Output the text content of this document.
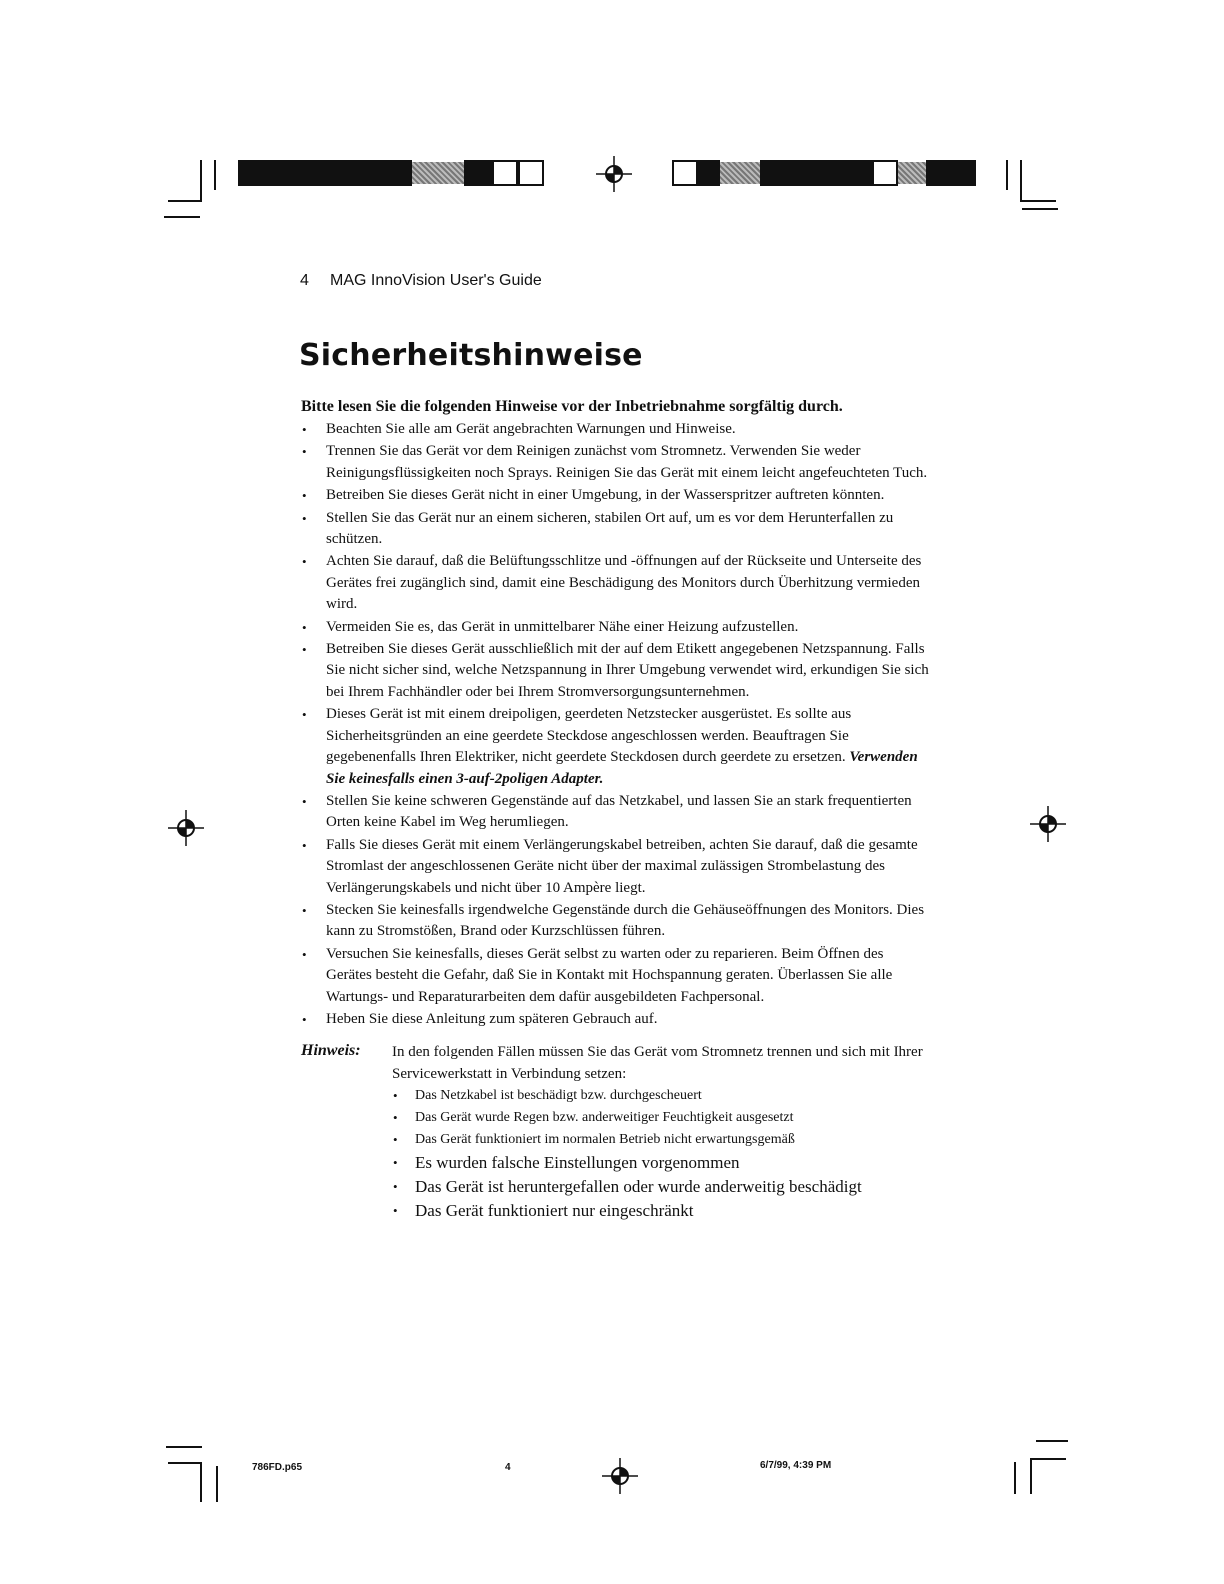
4 MAG InnoVision User's Guide
Sicherheitshinweise

Bitte lesen Sie die folgenden Hinweise vor der Inbetriebnahme sorgfältig durch.

• Beachten Sie alle am Gerät angebrachten Warnungen und Hinweise.
• Trennen Sie das Gerät vor dem Reinigen zunächst vom Stromnetz. Verwenden Sie weder Reinigungsflüssigkeiten noch Sprays. Reinigen Sie das Gerät mit einem leicht angefeuchteten Tuch.
• Betreiben Sie dieses Gerät nicht in einer Umgebung, in der Wasserspritzer auftreten könnten.
• Stellen Sie das Gerät nur an einem sicheren, stabilen Ort auf, um es vor dem Herunterfallen zu schützen.
• Achten Sie darauf, daß die Belüftungsschlitze und -öffnungen auf der Rückseite und Unterseite des Gerätes frei zugänglich sind, damit eine Beschädigung des Monitors durch Überhitzung vermieden wird.
• Vermeiden Sie es, das Gerät in unmittelbarer Nähe einer Heizung aufzustellen.
• Betreiben Sie dieses Gerät ausschließlich mit der auf dem Etikett angegebenen Netzspannung. Falls Sie nicht sicher sind, welche Netzspannung in Ihrer Umgebung verwendet wird, erkundigen Sie sich bei Ihrem Fachhändler oder bei Ihrem Stromversorgungsunternehmen.
• Dieses Gerät ist mit einem dreipoligen, geerdeten Netzstecker ausgerüstet. Es sollte aus Sicherheitsgründen an eine geerdete Steckdose angeschlossen werden. Beauftragen Sie gegebenenfalls Ihren Elektriker, nicht geerdete Steckdosen durch geerdete zu ersetzen. Verwenden Sie keinesfalls einen 3-auf-2poligen Adapter.
• Stellen Sie keine schweren Gegenstände auf das Netzkabel, und lassen Sie an stark frequentierten Orten keine Kabel im Weg herumliegen.
• Falls Sie dieses Gerät mit einem Verlängerungskabel betreiben, achten Sie darauf, daß die gesamte Stromlast der angeschlossenen Geräte nicht über der maximal zulässigen Strombelastung des Verlängerungskabels und nicht über 10 Ampère liegt.
• Stecken Sie keinesfalls irgendwelche Gegenstände durch die Gehäuseöffnungen des Monitors. Dies kann zu Stromstößen, Brand oder Kurzschlüssen führen.
• Versuchen Sie keinesfalls, dieses Gerät selbst zu warten oder zu reparieren. Beim Öffnen des Gerätes besteht die Gefahr, daß Sie in Kontakt mit Hochspannung geraten. Überlassen Sie alle Wartungs- und Reparaturarbeiten dem dafür ausgebildeten Fachpersonal.
• Heben Sie diese Anleitung zum späteren Gebrauch auf.
Hinweis: In den folgenden Fällen müssen Sie das Gerät vom Stromnetz trennen und sich mit Ihrer Servicewerkstatt in Verbindung setzen:
• Das Netzkabel ist beschädigt bzw. durchgescheuert
• Das Gerät wurde Regen bzw. anderweitiger Feuchtigkeit ausgesetzt
• Das Gerät funktioniert im normalen Betrieb nicht erwartungsgemäß
• Es wurden falsche Einstellungen vorgenommen
• Das Gerät ist heruntergefallen oder wurde anderweitig beschädigt
• Das Gerät funktioniert nur eingeschränkt
786FD.p65	4	6/7/99, 4:39 PM
